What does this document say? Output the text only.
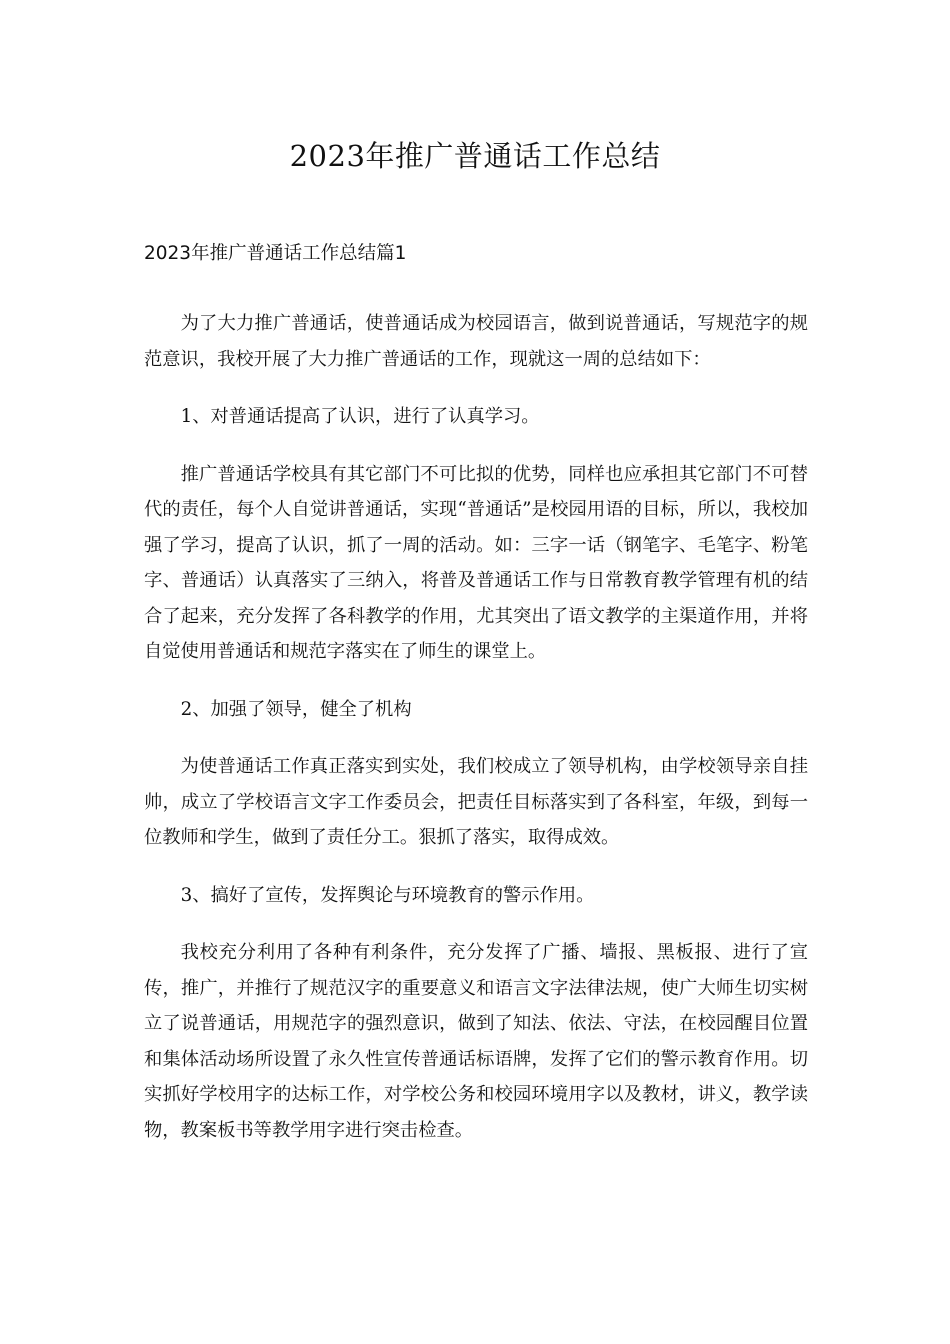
2023年推广普通话工作总结
2023年推广普通话工作总结篇1

为了大力推广普通话，使普通话成为校园语言，做到说普通话，写规范字的规范意识，我校开展了大力推广普通话的工作，现就这一周的总结如下：

1、对普通话提高了认识，进行了认真学习。

推广普通话学校具有其它部门不可比拟的优势，同样也应承担其它部门不可替代的责任，每个人自觉讲普通话，实现“普通话”是校园用语的目标，所以，我校加强了学习，提高了认识，抓了一周的活动。如：三字一话（钢笔字、毛笔字、粉笔字、普通话）认真落实了三纳入，将普及普通话工作与日常教育教学管理有机的结合了起来，充分发挥了各科教学的作用，尤其突出了语文教学的主渠道作用，并将自觉使用普通话和规范字落实在了师生的课堂上。

2、加强了领导，健全了机构

为使普通话工作真正落实到实处，我们校成立了领导机构，由学校领导亲自挂帅，成立了学校语言文字工作委员会，把责任目标落实到了各科室，年级，到每一位教师和学生，做到了责任分工。狠抓了落实，取得成效。

3、搞好了宣传，发挥舆论与环境教育的警示作用。

我校充分利用了各种有利条件，充分发挥了广播、墙报、黑板报、进行了宣传，推广，并推行了规范汉字的重要意义和语言文字法律法规，使广大师生切实树立了说普通话，用规范字的强烈意识，做到了知法、依法、守法，在校园醒目位置和集体活动场所设置了永久性宣传普通话标语牌，发挥了它们的警示教育作用。切实抓好学校用字的达标工作，对学校公务和校园环境用字以及教材，讲义，教学读物，教案板书等教学用字进行突击检查。
